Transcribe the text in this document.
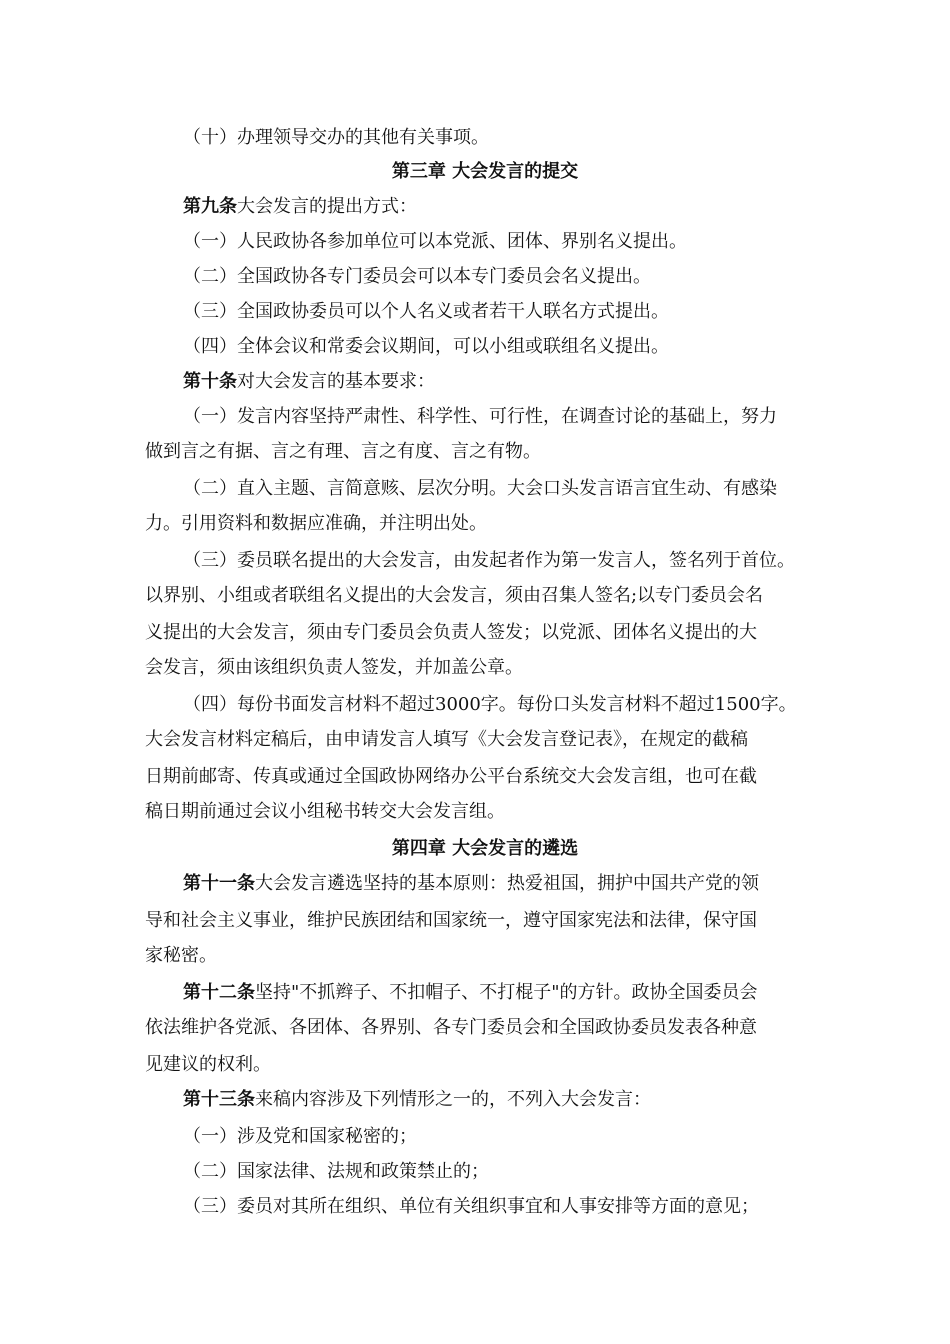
（十）办理领导交办的其他有关事项。
第三章 大会发言的提交
第九条大会发言的提出方式：
（一）人民政协各参加单位可以本党派、团体、界别名义提出。
（二）全国政协各专门委员会可以本专门委员会名义提出。
（三）全国政协委员可以个人名义或者若干人联名方式提出。
（四）全体会议和常委会议期间，可以小组或联组名义提出。
第十条对大会发言的基本要求：
（一）发言内容坚持严肃性、科学性、可行性，在调查讨论的基础上，努力
做到言之有据、言之有理、言之有度、言之有物。
（二）直入主题、言简意赅、层次分明。大会口头发言语言宜生动、有感染
力。引用资料和数据应准确，并注明出处。
（三）委员联名提出的大会发言，由发起者作为第一发言人，签名列于首位。
以界别、小组或者联组名义提出的大会发言，须由召集人签名;以专门委员会名
义提出的大会发言，须由专门委员会负责人签发；以党派、团体名义提出的大
会发言，须由该组织负责人签发，并加盖公章。
（四）每份书面发言材料不超过3000字。每份口头发言材料不超过1500字。
大会发言材料定稿后，由申请发言人填写《大会发言登记表》，在规定的截稿
日期前邮寄、传真或通过全国政协网络办公平台系统交大会发言组，也可在截
稿日期前通过会议小组秘书转交大会发言组。
第四章 大会发言的遴选
第十一条大会发言遴选坚持的基本原则：热爱祖国，拥护中国共产党的领
导和社会主义事业，维护民族团结和国家统一，遵守国家宪法和法律，保守国
家秘密。
第十二条坚持"不抓辫子、不扣帽子、不打棍子"的方针。政协全国委员会
依法维护各党派、各团体、各界别、各专门委员会和全国政协委员发表各种意
见建议的权利。
第十三条来稿内容涉及下列情形之一的，不列入大会发言：
（一）涉及党和国家秘密的；
（二）国家法律、法规和政策禁止的；
（三）委员对其所在组织、单位有关组织事宜和人事安排等方面的意见；
